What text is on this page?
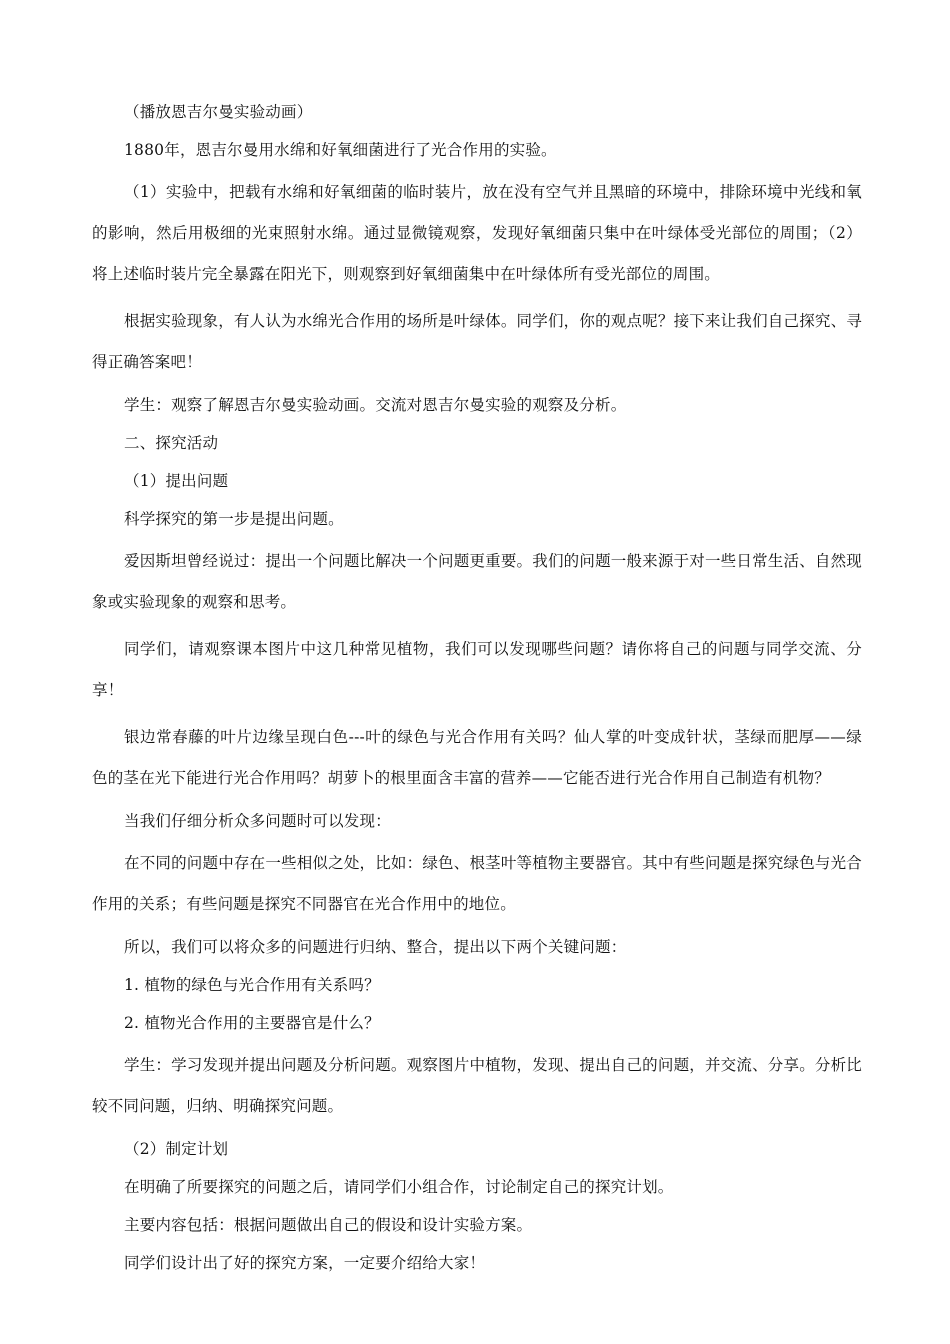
（播放恩吉尔曼实验动画）

1880年，恩吉尔曼用水绵和好氧细菌进行了光合作用的实验。

（1）实验中，把载有水绵和好氧细菌的临时装片，放在没有空气并且黑暗的环境中，排除环境中光线和氧的影响，然后用极细的光束照射水绵。通过显微镜观察，发现好氧细菌只集中在叶绿体受光部位的周围；（2）将上述临时装片完全暴露在阳光下，则观察到好氧细菌集中在叶绿体所有受光部位的周围。

根据实验现象，有人认为水绵光合作用的场所是叶绿体。同学们，你的观点呢？接下来让我们自己探究、寻得正确答案吧！

学生：观察了解恩吉尔曼实验动画。交流对恩吉尔曼实验的观察及分析。

二、探究活动

（1）提出问题

科学探究的第一步是提出问题。

爱因斯坦曾经说过：提出一个问题比解决一个问题更重要。我们的问题一般来源于对一些日常生活、自然现象或实验现象的观察和思考。

同学们，请观察课本图片中这几种常见植物，我们可以发现哪些问题？请你将自己的问题与同学交流、分享！

银边常春藤的叶片边缘呈现白色---叶的绿色与光合作用有关吗？仙人掌的叶变成针状，茎绿而肥厚——绿色的茎在光下能进行光合作用吗？胡萝卜的根里面含丰富的营养——它能否进行光合作用自己制造有机物？

当我们仔细分析众多问题时可以发现：

在不同的问题中存在一些相似之处，比如：绿色、根茎叶等植物主要器官。其中有些问题是探究绿色与光合作用的关系；有些问题是探究不同器官在光合作用中的地位。

所以，我们可以将众多的问题进行归纳、整合，提出以下两个关键问题：

1. 植物的绿色与光合作用有关系吗？

2. 植物光合作用的主要器官是什么？

学生：学习发现并提出问题及分析问题。观察图片中植物，发现、提出自己的问题，并交流、分享。分析比较不同问题，归纳、明确探究问题。

（2）制定计划

在明确了所要探究的问题之后，请同学们小组合作，讨论制定自己的探究计划。

主要内容包括：根据问题做出自己的假设和设计实验方案。

同学们设计出了好的探究方案，一定要介绍给大家！
